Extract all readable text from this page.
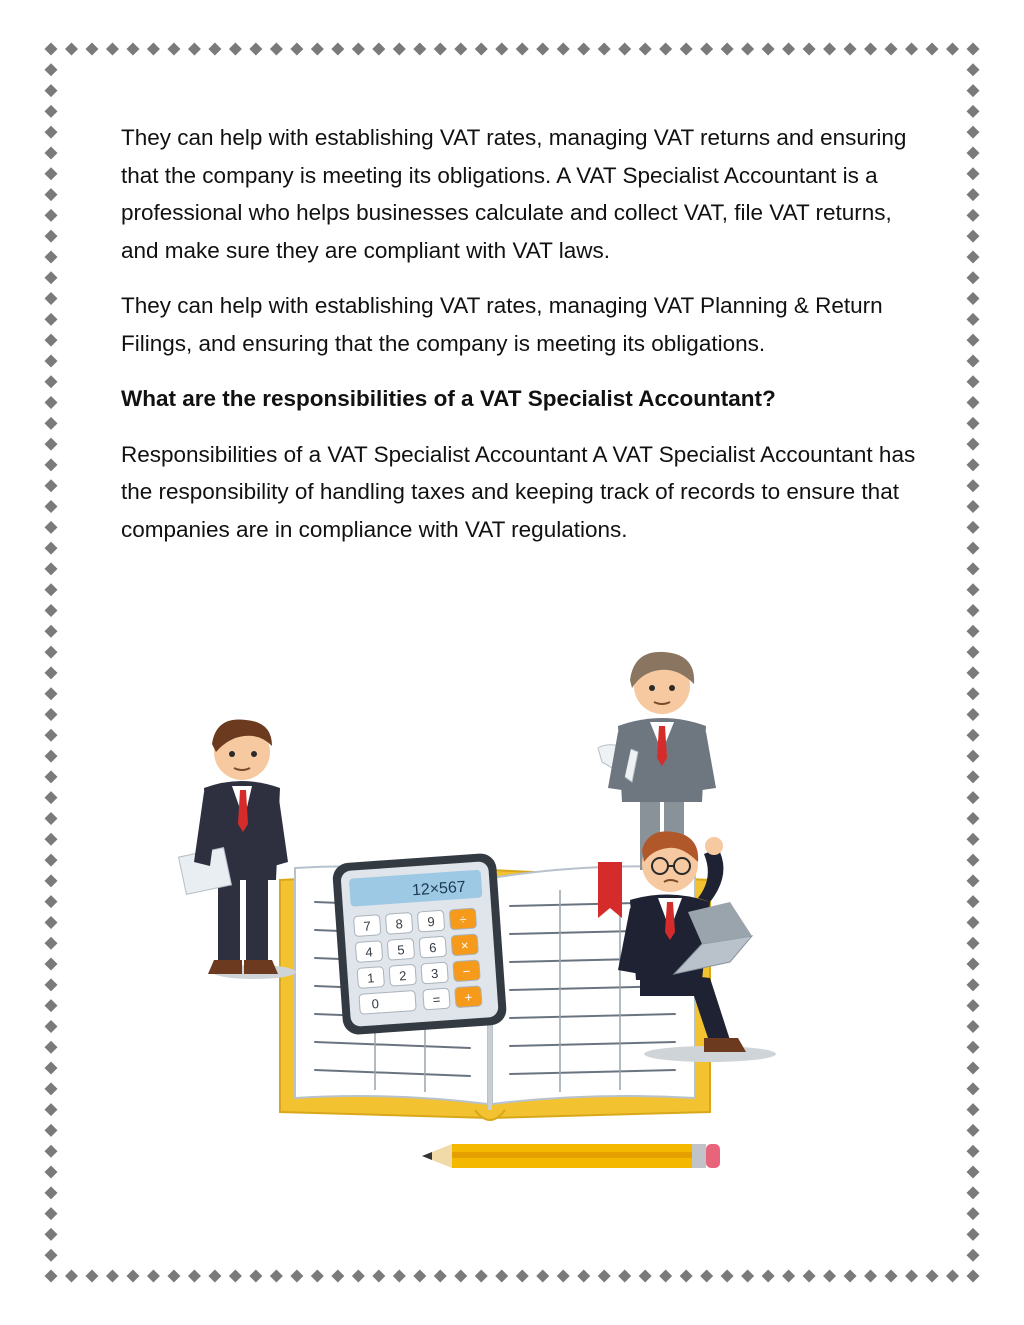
They can help with establishing VAT rates, managing VAT returns and ensuring that the company is meeting its obligations. A VAT Specialist Accountant is a professional who helps businesses calculate and collect VAT, file VAT returns, and make sure they are compliant with VAT laws.

They can help with establishing VAT rates, managing VAT Planning & Return Filings, and ensuring that the company is meeting its obligations.

What are the responsibilities of a VAT Specialist Accountant?

Responsibilities of a VAT Specialist Accountant A VAT Specialist Accountant has the responsibility of handling taxes and keeping track of records to ensure that companies are in compliance with VAT regulations.

12×567
7 8 9 ÷
4 5 6 ×
1 2 3 −
0	= +
